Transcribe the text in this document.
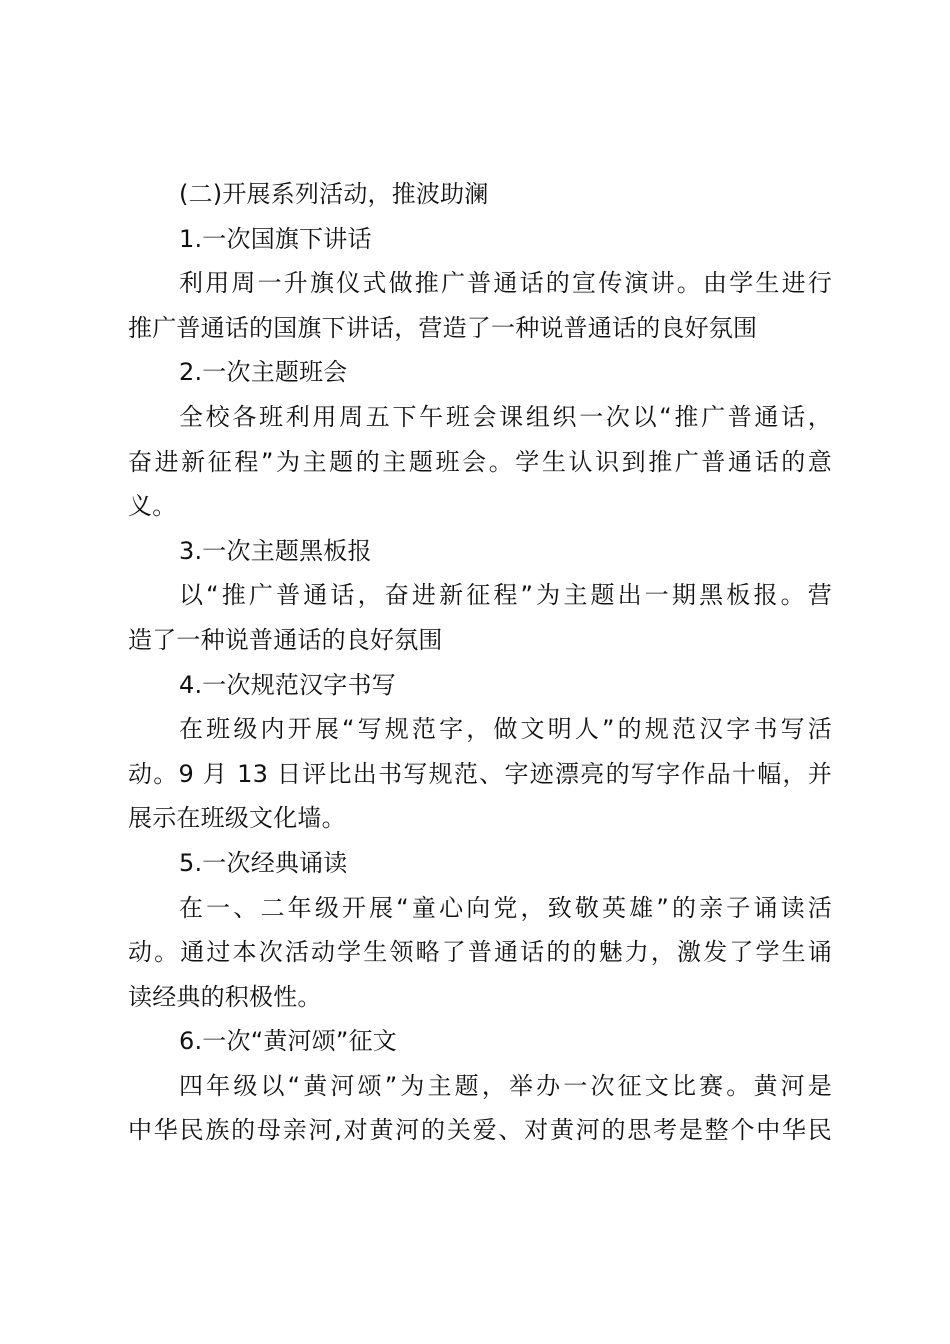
(二)开展系列活动，推波助澜
1.一次国旗下讲话
利用周一升旗仪式做推广普通话的宣传演讲。由学生进行
推广普通话的国旗下讲话，营造了一种说普通话的良好氛围
2.一次主题班会
全校各班利用周五下午班会课组织一次以“推广普通话，
奋进新征程”为主题的主题班会。学生认识到推广普通话的意
义。
3.一次主题黑板报
以“推广普通话，奋进新征程”为主题出一期黑板报。营
造了一种说普通话的良好氛围
4.一次规范汉字书写
在班级内开展“写规范字，做文明人”的规范汉字书写活
动。9 月 13 日评比出书写规范、字迹漂亮的写字作品十幅，并
展示在班级文化墙。
5.一次经典诵读
在一、二年级开展“童心向党，致敬英雄”的亲子诵读活
动。通过本次活动学生领略了普通话的的魅力，激发了学生诵
读经典的积极性。
6.一次“黄河颂”征文
四年级以“黄河颂”为主题，举办一次征文比赛。黄河是
中华民族的母亲河,对黄河的关爱、对黄河的思考是整个中华民
